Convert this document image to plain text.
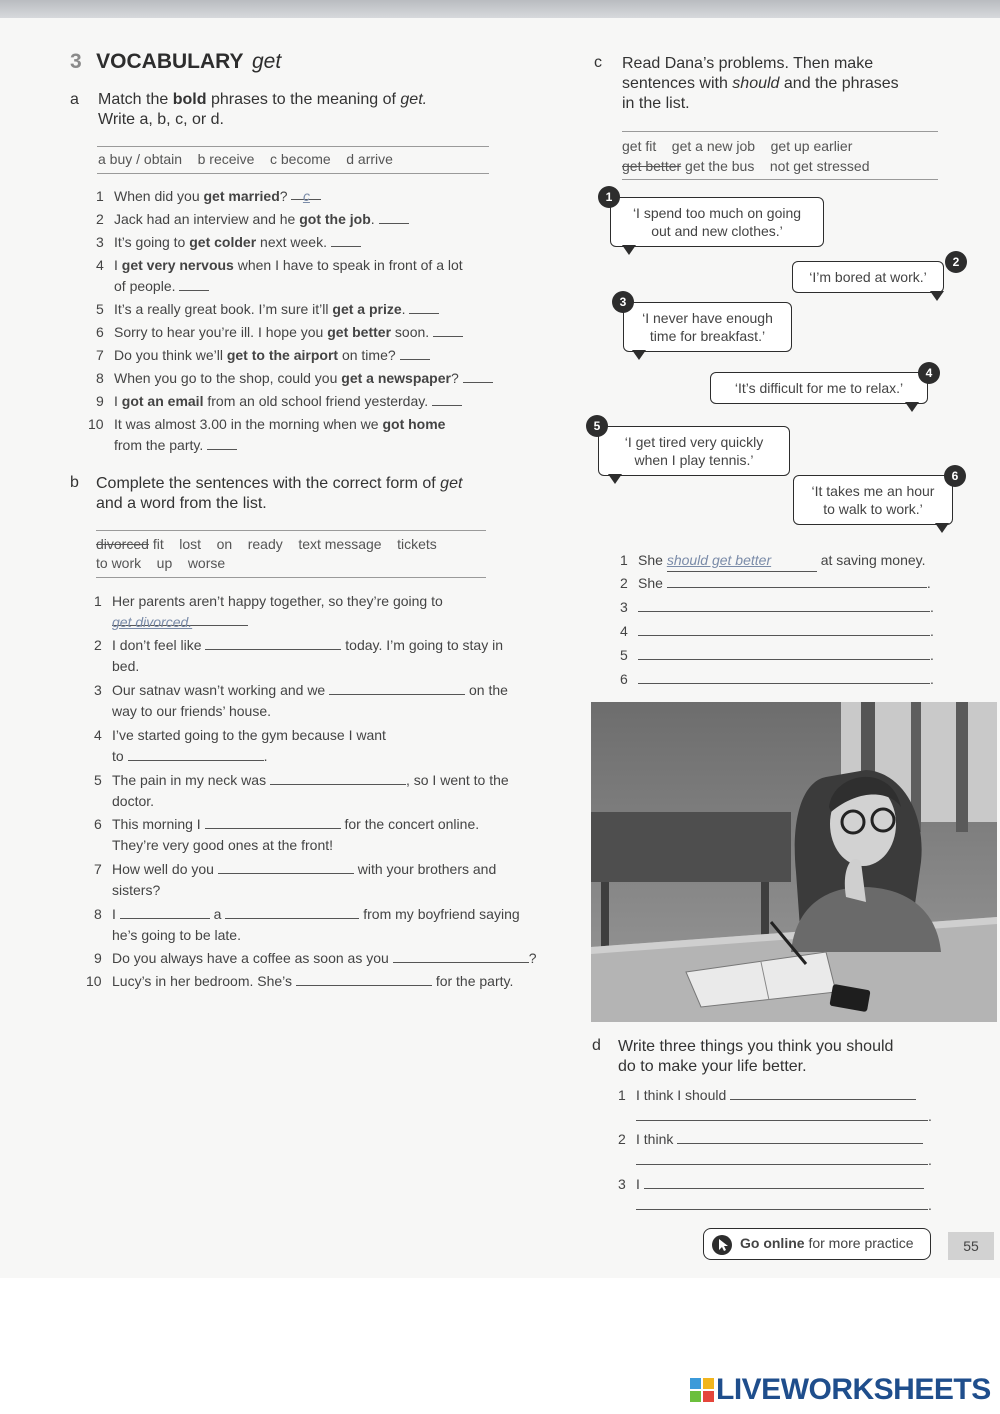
3 VOCABULARY get
a Match the bold phrases to the meaning of get.
Write a, b, c, or d.
a buy / obtain    b receive    c become    d arrive
1 When did you get married? c
2 Jack had an interview and he got the job.
3 It’s going to get colder next week.
4 I get very nervous when I have to speak in front of a lot
of people.
5 It’s a really great book. I’m sure it’ll get a prize.
6 Sorry to hear you’re ill. I hope you get better soon.
7 Do you think we’ll get to the airport on time?
8 When you go to the shop, could you get a newspaper?
9 I got an email from an old school friend yesterday.
10 It was almost 3.00 in the morning when we got home
from the party.
b Complete the sentences with the correct form of get
and a word from the list.
divorced fit    lost    on    ready    text message    tickets
to work    up    worse
1 Her parents aren’t happy together, so they’re going to
get divorced.
2 I don’t feel like	today. I’m going to stay in
bed.
3 Our satnav wasn’t working and we	on the
way to our friends’ house.
4 I’ve started going to the gym because I want
to	.
5 The pain in my neck was	, so I went to the
doctor.
6 This morning I	for the concert online.
They’re very good ones at the front!
7 How well do you	with your brothers and
sisters?
8 I	a	from my boyfriend saying
he’s going to be late.
9 Do you always have a coffee as soon as you	?
10 Lucy’s in her bedroom. She’s	for the party.
c Read Dana’s problems. Then make
sentences with should and the phrases
in the list.
get fit    get a new job    get up earlier
get better get the bus    not get stressed
‘I spend too much on going
out and new clothes.’
1
‘I’m bored at work.’
2
‘I never have enough
time for breakfast.’
3
‘It’s difficult for me to relax.’
4
‘I get tired very quickly
when I play tennis.’
5
‘It takes me an hour
to walk to work.’
6
1 She should get better	at saving money.
2 She	.
3	.
4	.
5	.
6	.
d Write three things you think you should
do to make your life better.
1 I think I should
.
2 I think
.
3 I
.
Go online for more practice	55
LIVEWORKSHEETS
